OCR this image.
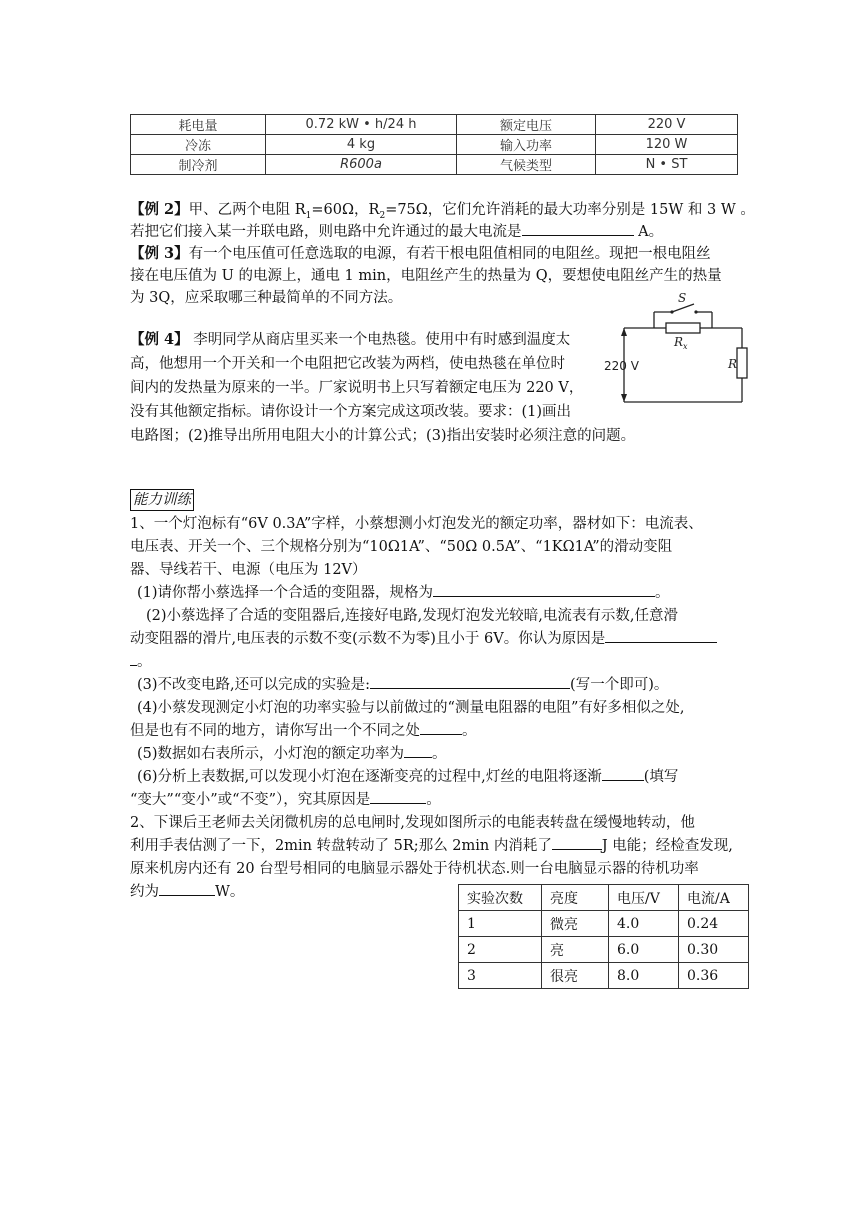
耗电量	0.72 kW • h/24 h	额定电压	220 V
冷冻	4 kg	输入功率	120 W
制冷剂	R600a	气候类型	N • ST
【例 2】甲、乙两个电阻 $R_1=60\Omega$，$R_2=75\Omega$，它们允许消耗的最大功率分别是 15W 和 3 W 。
若把它们接入某一并联电路，则电路中允许通过的最大电流是	A。
【例 3】有一个电压值可任意选取的电源，有若干根电阻值相同的电阻丝。现把一根电阻丝
接在电压值为 U 的电源上，通电 1 min，电阻丝产生的热量为 Q，要想使电阻丝产生的热量
为 3Q，应采取哪三种最简单的不同方法。
【例 4】 李明同学从商店里买来一个电热毯。使用中有时感到温度太
高，他想用一个开关和一个电阻把它改装为两档，使电热毯在单位时
间内的发热量为原来的一半。厂家说明书上只写着额定电压为 220 V，
没有其他额定指标。请你设计一个方案完成这项改装。要求：(1)画出
电路图；(2)推导出所用电阻大小的计算公式；(3)指出安装时必须注意的问题。
S
$R_x$
220 V	R
能力训练
1、一个灯泡标有“6V 0.3A”字样，小蔡想测小灯泡发光的额定功率，器材如下：电流表、
电压表、开关一个、三个规格分别为“10Ω1A”、“50Ω 0.5A”、“1KΩ1A”的滑动变阻
器、导线若干、电源（电压为 12V）
(1)请你帮小蔡选择一个合适的变阻器，规格为	。
(2)小蔡选择了合适的变阻器后,连接好电路,发现灯泡发光较暗,电流表有示数,任意滑
动变阻器的滑片,电压表的示数不变(示数不为零)且小于 6V。你认为原因是
。
(3)不改变电路,还可以完成的实验是:	(写一个即可)。
(4)小蔡发现测定小灯泡的功率实验与以前做过的“测量电阻器的电阻”有好多相似之处,
但是也有不同的地方，请你写出一个不同之处	。
(5)数据如右表所示，小灯泡的额定功率为 。
(6)分析上表数据,可以发现小灯泡在逐渐变亮的过程中,灯丝的电阻将逐渐	(填写
“变大”“变小”或“不变”），究其原因是	。
2、下课后王老师去关闭微机房的总电闸时,发现如图所示的电能表转盘在缓慢地转动，他
利用手表估测了一下，2min 转盘转动了 5R;那么 2min 内消耗了	J 电能；经检查发现,
原来机房内还有 20 台型号相同的电脑显示器处于待机状态.则一台电脑显示器的待机功率
约为	W。	实验次数	亮度	电压/V	电流/A
1	微亮	4.0	0.24
2	亮	6.0	0.30
3	很亮	8.0	0.36
